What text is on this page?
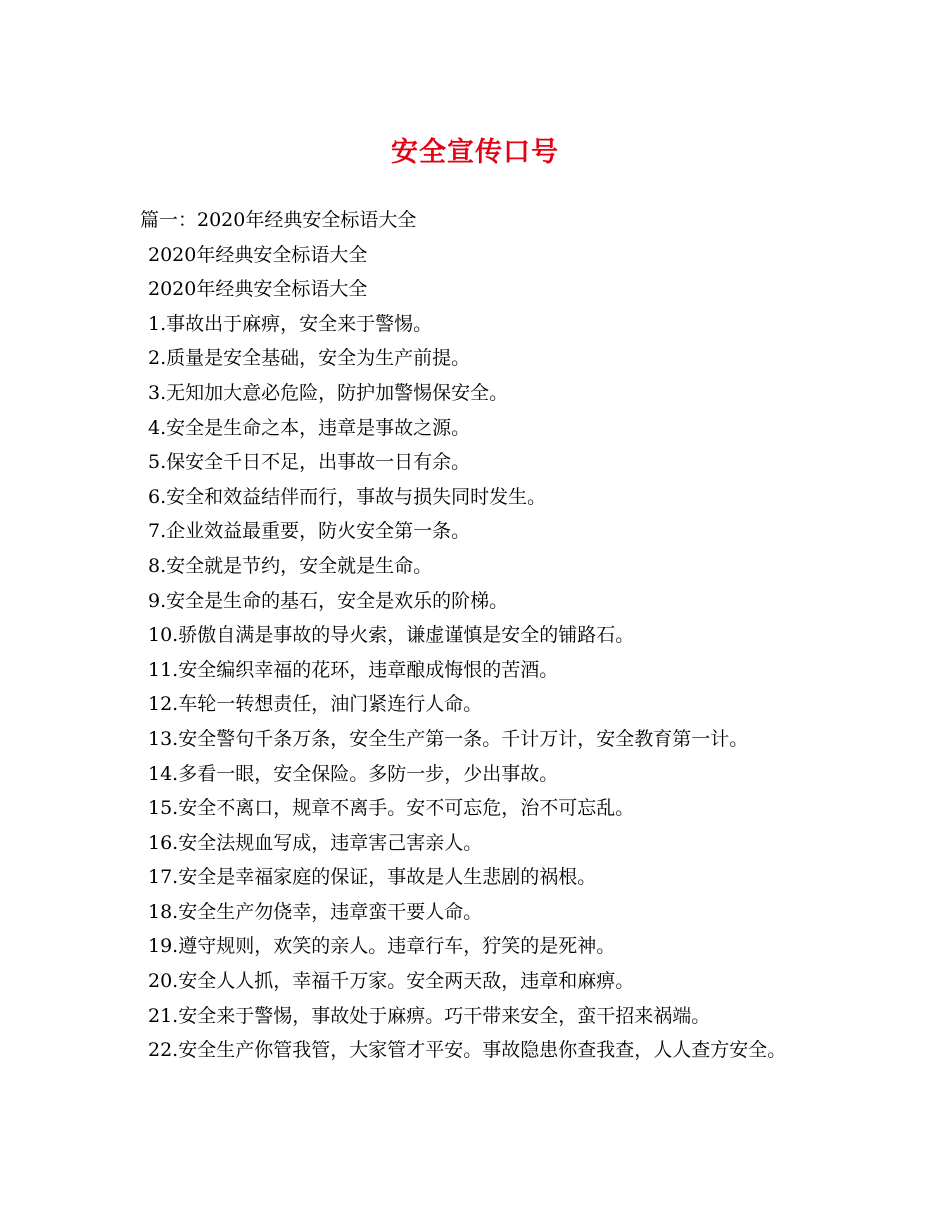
安全宣传口号
篇一：2020年经典安全标语大全
2020年经典安全标语大全
2020年经典安全标语大全
1.事故出于麻痹，安全来于警惕。
2.质量是安全基础，安全为生产前提。
3.无知加大意必危险，防护加警惕保安全。
4.安全是生命之本，违章是事故之源。
5.保安全千日不足，出事故一日有余。
6.安全和效益结伴而行，事故与损失同时发生。
7.企业效益最重要，防火安全第一条。
8.安全就是节约，安全就是生命。
9.安全是生命的基石，安全是欢乐的阶梯。
10.骄傲自满是事故的导火索，谦虚谨慎是安全的铺路石。
11.安全编织幸福的花环，违章酿成悔恨的苦酒。
12.车轮一转想责任，油门紧连行人命。
13.安全警句千条万条，安全生产第一条。千计万计，安全教育第一计。
14.多看一眼，安全保险。多防一步，少出事故。
15.安全不离口，规章不离手。安不可忘危，治不可忘乱。
16.安全法规血写成，违章害己害亲人。
17.安全是幸福家庭的保证，事故是人生悲剧的祸根。
18.安全生产勿侥幸，违章蛮干要人命。
19.遵守规则，欢笑的亲人。违章行车，狞笑的是死神。
20.安全人人抓，幸福千万家。安全两天敌，违章和麻痹。
21.安全来于警惕，事故处于麻痹。巧干带来安全，蛮干招来祸端。
22.安全生产你管我管，大家管才平安。事故隐患你查我查，人人查方安全。
